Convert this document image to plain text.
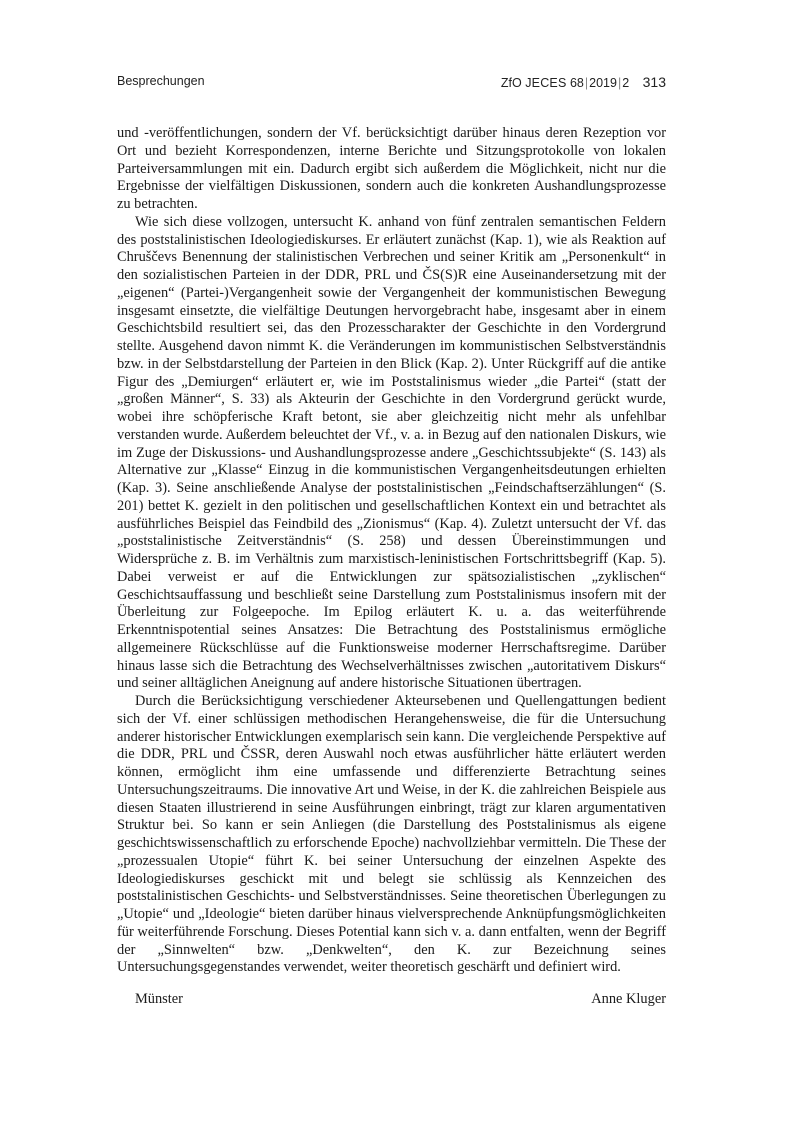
Besprechungen	ZfO JECES 68|2019|2 313

und -veröffentlichungen, sondern der Vf. berücksichtigt darüber hinaus deren Rezeption vor Ort und bezieht Korrespondenzen, interne Berichte und Sitzungsprotokolle von lokalen Parteiversammlungen mit ein. Dadurch ergibt sich außerdem die Möglichkeit, nicht nur die Ergebnisse der vielfältigen Diskussionen, sondern auch die konkreten Aushandlungsprozesse zu betrachten.

Wie sich diese vollzogen, untersucht K. anhand von fünf zentralen semantischen Feldern des poststalinistischen Ideologiediskurses. Er erläutert zunächst (Kap. 1), wie als Reaktion auf Chruščevs Benennung der stalinistischen Verbrechen und seiner Kritik am „Personenkult“ in den sozialistischen Parteien in der DDR, PRL und ČS(S)R eine Auseinandersetzung mit der „eigenen“ (Partei-)Vergangenheit sowie der Vergangenheit der kommunistischen Bewegung insgesamt einsetzte, die vielfältige Deutungen hervorgebracht habe, insgesamt aber in einem Geschichtsbild resultiert sei, das den Prozesscharakter der Geschichte in den Vordergrund stellte. Ausgehend davon nimmt K. die Veränderungen im kommunistischen Selbstverständnis bzw. in der Selbstdarstellung der Parteien in den Blick (Kap. 2). Unter Rückgriff auf die antike Figur des „Demiurgen“ erläutert er, wie im Poststalinismus wieder „die Partei“ (statt der „großen Männer“, S. 33) als Akteurin der Geschichte in den Vordergrund gerückt wurde, wobei ihre schöpferische Kraft betont, sie aber gleichzeitig nicht mehr als unfehlbar verstanden wurde. Außerdem beleuchtet der Vf., v. a. in Bezug auf den nationalen Diskurs, wie im Zuge der Diskussions- und Aushandlungsprozesse andere „Geschichtssubjekte“ (S. 143) als Alternative zur „Klasse“ Einzug in die kommunistischen Vergangenheitsdeutungen erhielten (Kap. 3). Seine anschließende Analyse der poststalinistischen „Feindschaftserzählungen“ (S. 201) bettet K. gezielt in den politischen und gesellschaftlichen Kontext ein und betrachtet als ausführliches Beispiel das Feindbild des „Zionismus“ (Kap. 4). Zuletzt untersucht der Vf. das „poststalinistische Zeitverständnis“ (S. 258) und dessen Übereinstimmungen und Widersprüche z. B. im Verhältnis zum marxistisch-leninistischen Fortschrittsbegriff (Kap. 5). Dabei verweist er auf die Entwicklungen zur spätsozialistischen „zyklischen“ Geschichtsauffassung und beschließt seine Darstellung zum Poststalinismus insofern mit der Überleitung zur Folgeepoche. Im Epilog erläutert K. u. a. das weiterführende Erkenntnispotential seines Ansatzes: Die Betrachtung des Poststalinismus ermögliche allgemeinere Rückschlüsse auf die Funktionsweise moderner Herrschaftsregime. Darüber hinaus lasse sich die Betrachtung des Wechselverhältnisses zwischen „autoritativem Diskurs“ und seiner alltäglichen Aneignung auf andere historische Situationen übertragen.

Durch die Berücksichtigung verschiedener Akteursebenen und Quellengattungen bedient sich der Vf. einer schlüssigen methodischen Herangehensweise, die für die Untersuchung anderer historischer Entwicklungen exemplarisch sein kann. Die vergleichende Perspektive auf die DDR, PRL und ČSSR, deren Auswahl noch etwas ausführlicher hätte erläutert werden können, ermöglicht ihm eine umfassende und differenzierte Betrachtung seines Untersuchungszeitraums. Die innovative Art und Weise, in der K. die zahlreichen Beispiele aus diesen Staaten illustrierend in seine Ausführungen einbringt, trägt zur klaren argumentativen Struktur bei. So kann er sein Anliegen (die Darstellung des Poststalinismus als eigene geschichtswissenschaftlich zu erforschende Epoche) nachvollziehbar vermitteln. Die These der „prozessualen Utopie“ führt K. bei seiner Untersuchung der einzelnen Aspekte des Ideologiediskurses geschickt mit und belegt sie schlüssig als Kennzeichen des poststalinistischen Geschichts- und Selbstverständnisses. Seine theoretischen Überlegungen zu „Utopie“ und „Ideologie“ bieten darüber hinaus vielversprechende Anknüpfungsmöglichkeiten für weiterführende Forschung. Dieses Potential kann sich v. a. dann entfalten, wenn der Begriff der „Sinnwelten“ bzw. „Denkwelten“, den K. zur Bezeichnung seines Untersuchungsgegenstandes verwendet, weiter theoretisch geschärft und definiert wird.

Münster	Anne Kluger
